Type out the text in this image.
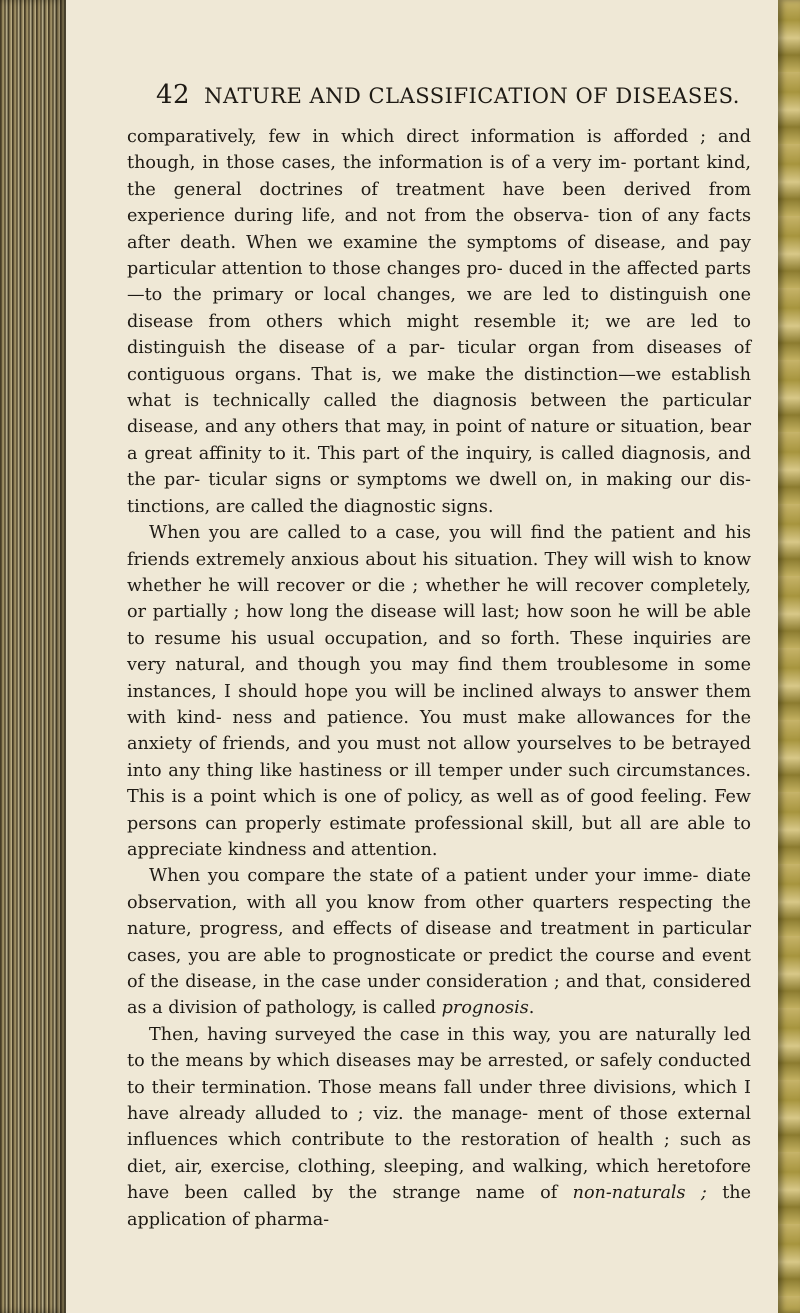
42 NATURE AND CLASSIFICATION OF DISEASES.

comparatively, few in which direct information is afforded ; and though, in those cases, the information is of a very im- portant kind, the general doctrines of treatment have been derived from experience during life, and not from the observa- tion of any facts after death. When we examine the symptoms of disease, and pay particular attention to those changes pro- duced in the affected parts—to the primary or local changes, we are led to distinguish one disease from others which might resemble it; we are led to distinguish the disease of a par- ticular organ from diseases of contiguous organs. That is, we make the distinction—we establish what is technically called the diagnosis between the particular disease, and any others that may, in point of nature or situation, bear a great affinity to it. This part of the inquiry, is called diagnosis, and the par- ticular signs or symptoms we dwell on, in making our dis- tinctions, are called the diagnostic signs.

When you are called to a case, you will find the patient and his friends extremely anxious about his situation. They will wish to know whether he will recover or die ; whether he will recover completely, or partially ; how long the disease will last; how soon he will be able to resume his usual occupation, and so forth. These inquiries are very natural, and though you may find them troublesome in some instances, I should hope you will be inclined always to answer them with kind- ness and patience. You must make allowances for the anxiety of friends, and you must not allow yourselves to be betrayed into any thing like hastiness or ill temper under such circumstances. This is a point which is one of policy, as well as of good feeling. Few persons can properly estimate professional skill, but all are able to appreciate kindness and attention.

When you compare the state of a patient under your imme- diate observation, with all you know from other quarters respecting the nature, progress, and effects of disease and treatment in particular cases, you are able to prognosticate or predict the course and event of the disease, in the case under consideration ; and that, considered as a division of pathology, is called prognosis.

Then, having surveyed the case in this way, you are naturally led to the means by which diseases may be arrested, or safely conducted to their termination. Those means fall under three divisions, which I have already alluded to ; viz. the manage- ment of those external influences which contribute to the restoration of health ; such as diet, air, exercise, clothing, sleeping, and walking, which heretofore have been called by the strange name of non-naturals ; the application of pharma-
